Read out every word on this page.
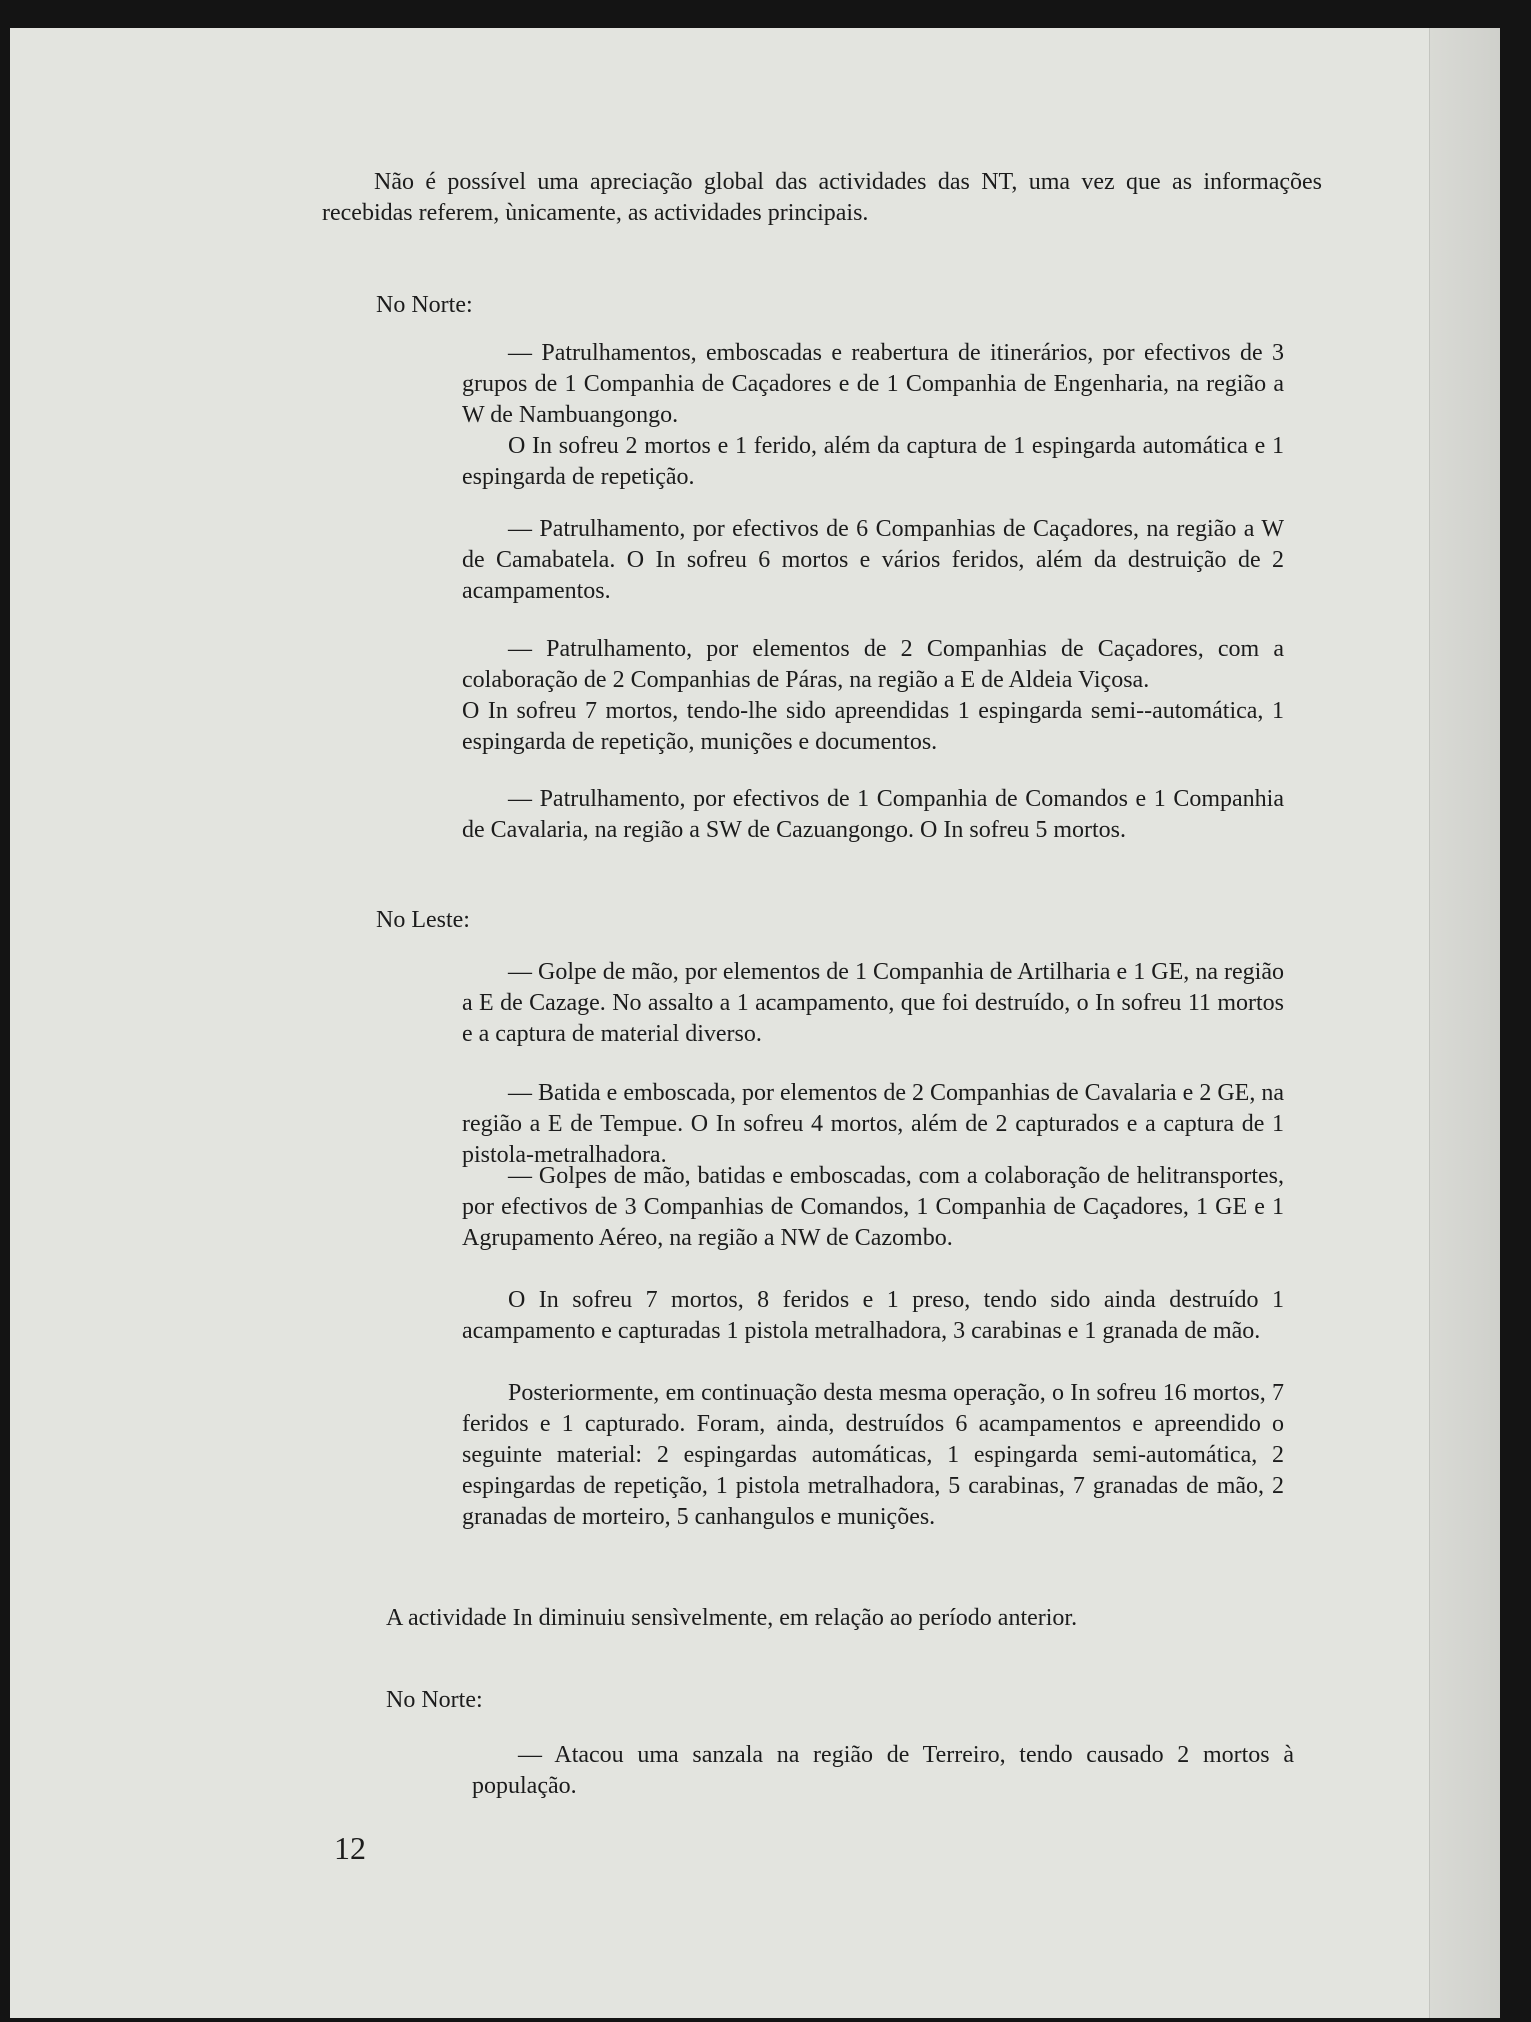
Não é possível uma apreciação global das actividades das NT, uma vez que as informações recebidas referem, ùnicamente, as actividades principais.

No Norte:

— Patrulhamentos, emboscadas e reabertura de itinerários, por efectivos de 3 grupos de 1 Companhia de Caçadores e de 1 Companhia de Engenharia, na região a W de Nambuangongo.

O In sofreu 2 mortos e 1 ferido, além da captura de 1 espingarda automática e 1 espingarda de repetição.

— Patrulhamento, por efectivos de 6 Companhias de Caçadores, na região a W de Camabatela. O In sofreu 6 mortos e vários feridos, além da destruição de 2 acampamentos.

— Patrulhamento, por elementos de 2 Companhias de Caçadores, com a colaboração de 2 Companhias de Páras, na região a E de Aldeia Viçosa.

O In sofreu 7 mortos, tendo-lhe sido apreendidas 1 espingarda semi--automática, 1 espingarda de repetição, munições e documentos.

— Patrulhamento, por efectivos de 1 Companhia de Comandos e 1 Companhia de Cavalaria, na região a SW de Cazuangongo. O In sofreu 5 mortos.

No Leste:

— Golpe de mão, por elementos de 1 Companhia de Artilharia e 1 GE, na região a E de Cazage. No assalto a 1 acampamento, que foi destruído, o In sofreu 11 mortos e a captura de material diverso.

— Batida e emboscada, por elementos de 2 Companhias de Cavalaria e 2 GE, na região a E de Tempue. O In sofreu 4 mortos, além de 2 capturados e a captura de 1 pistola-metralhadora.

— Golpes de mão, batidas e emboscadas, com a colaboração de helitransportes, por efectivos de 3 Companhias de Comandos, 1 Companhia de Caçadores, 1 GE e 1 Agrupamento Aéreo, na região a NW de Cazombo.

O In sofreu 7 mortos, 8 feridos e 1 preso, tendo sido ainda destruído 1 acampamento e capturadas 1 pistola metralhadora, 3 carabinas e 1 granada de mão.

Posteriormente, em continuação desta mesma operação, o In sofreu 16 mortos, 7 feridos e 1 capturado. Foram, ainda, destruídos 6 acampamentos e apreendido o seguinte material: 2 espingardas automáticas, 1 espingarda semi-automática, 2 espingardas de repetição, 1 pistola metralhadora, 5 carabinas, 7 granadas de mão, 2 granadas de morteiro, 5 canhangulos e munições.

A actividade In diminuiu sensìvelmente, em relação ao período anterior.

No Norte:

— Atacou uma sanzala na região de Terreiro, tendo causado 2 mortos à população.

12
